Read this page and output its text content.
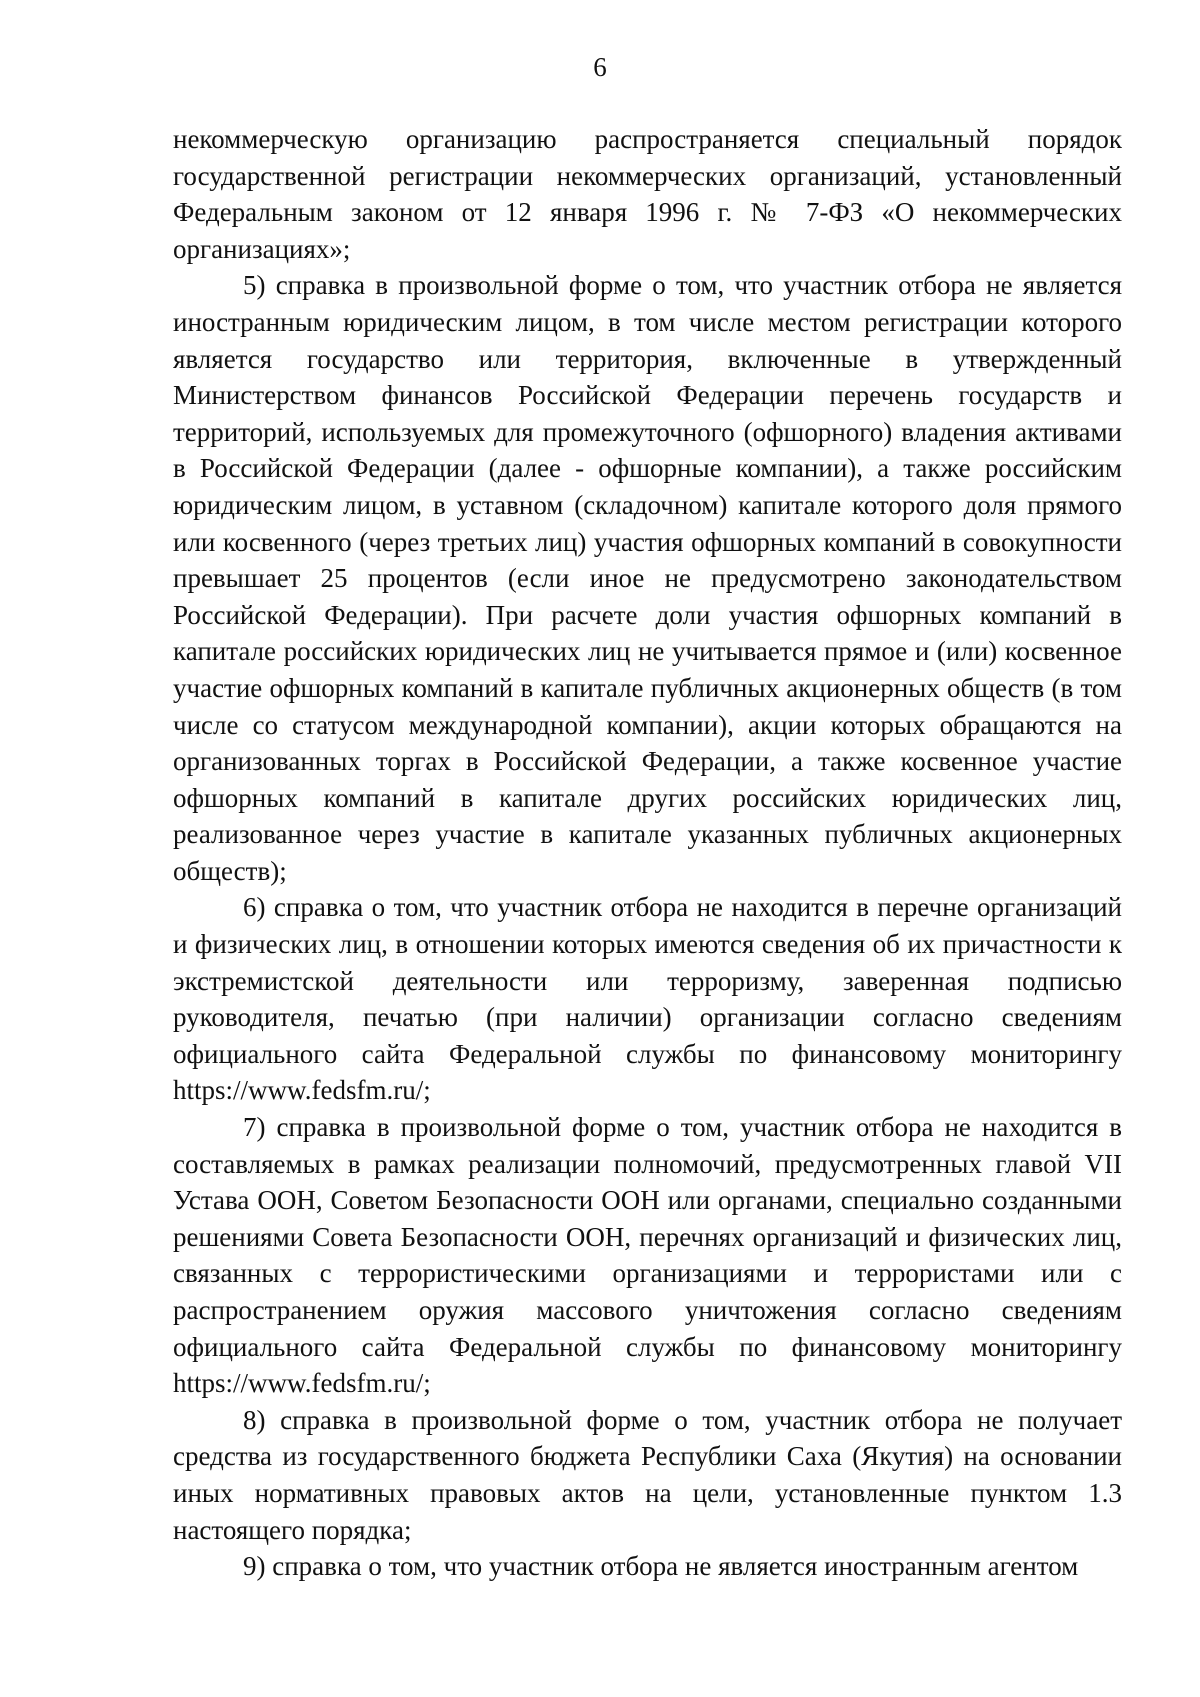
6

некоммерческую организацию распространяется специальный порядок государственной регистрации некоммерческих организаций, установленный Федеральным законом от 12 января 1996 г. № 7-ФЗ «О некоммерческих организациях»;

5) справка в произвольной форме о том, что участник отбора не является иностранным юридическим лицом, в том числе местом регистрации которого является государство или территория, включенные в утвержденный Министерством финансов Российской Федерации перечень государств и территорий, используемых для промежуточного (офшорного) владения активами в Российской Федерации (далее - офшорные компании), а также российским юридическим лицом, в уставном (складочном) капитале которого доля прямого или косвенного (через третьих лиц) участия офшорных компаний в совокупности превышает 25 процентов (если иное не предусмотрено законодательством Российской Федерации). При расчете доли участия офшорных компаний в капитале российских юридических лиц не учитывается прямое и (или) косвенное участие офшорных компаний в капитале публичных акционерных обществ (в том числе со статусом международной компании), акции которых обращаются на организованных торгах в Российской Федерации, а также косвенное участие офшорных компаний в капитале других российских юридических лиц, реализованное через участие в капитале указанных публичных акционерных обществ);

6) справка о том, что участник отбора не находится в перечне организаций и физических лиц, в отношении которых имеются сведения об их причастности к экстремистской деятельности или терроризму, заверенная подписью руководителя, печатью (при наличии) организации согласно сведениям официального сайта Федеральной службы по финансовому мониторингу https://www.fedsfm.ru/;

7) справка в произвольной форме о том, участник отбора не находится в составляемых в рамках реализации полномочий, предусмотренных главой VII Устава ООН, Советом Безопасности ООН или органами, специально созданными решениями Совета Безопасности ООН, перечнях организаций и физических лиц, связанных с террористическими организациями и террористами или с распространением оружия массового уничтожения согласно сведениям официального сайта Федеральной службы по финансовому мониторингу https://www.fedsfm.ru/;

8) справка в произвольной форме о том, участник отбора не получает средства из государственного бюджета Республики Саха (Якутия) на основании иных нормативных правовых актов на цели, установленные пунктом 1.3 настоящего порядка;

9) справка о том, что участник отбора не является иностранным агентом
